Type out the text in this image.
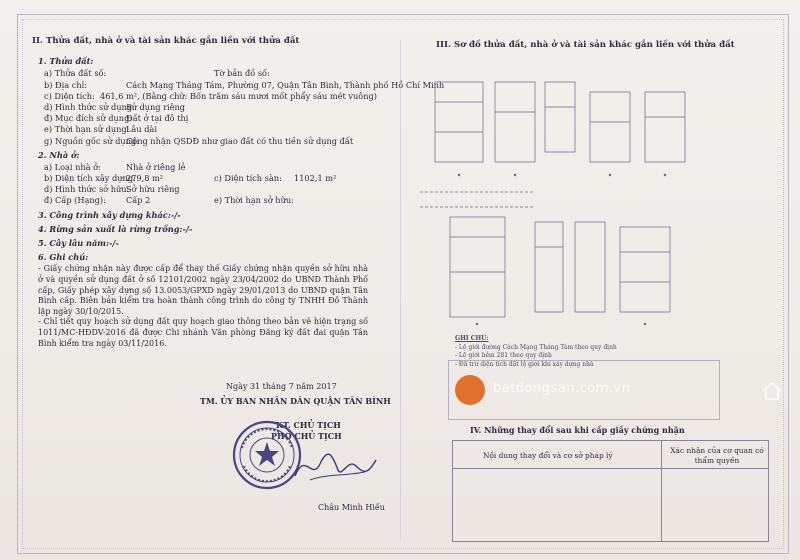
II. Thửa đất, nhà ở và tài sản khác gắn liền với thửa đất
1. Thửa đất:
a) Thửa đất số:	Tờ bản đồ số:
b) Địa chỉ:	Cách Mạng Tháng Tám, Phường 07, Quận Tân Bình, Thành phố Hồ Chí Minh
c) Diện tích: 461,6 m², (Bằng chữ: Bốn trăm sáu mươi mốt phẩy sáu mét vuông)
d) Hình thức sử dụng:Sử dụng riêng
đ) Mục đích sử dụng:Đất ở tại đô thị
e) Thời hạn sử dụng:Lâu dài
g) Nguồn gốc sử dụng:Công nhận QSDĐ như giao đất có thu tiền sử dụng đất
2. Nhà ở:
a) Loại nhà ở:	Nhà ở riêng lẻ
b) Diện tích xây dựng:279,8 m²	c) Diện tích sàn: 1102,1 m²
d) Hình thức sở hữu:Sở hữu riêng
đ) Cấp (Hạng): Cấp 2	e) Thời hạn sở hữu:
3. Công trình xây dựng khác:-/-
4. Rừng sản xuất là rừng trồng:-/-
5. Cây lâu năm:-/-
6. Ghi chú:

- Giấy chứng nhận này được cấp để thay thế Giấy chứng nhận quyền sở hữu nhà ở và quyền sử dụng đất ở số 12101/2002 ngày 23/04/2002 do UBND Thành Phố cấp, Giấy phép xây dựng số 13.0053/GPXD ngày 29/01/2013 do UBND quận Tân Bình cấp. Biên bản kiểm tra hoàn thành công trình do công ty TNHH Đô Thành lập ngày 30/10/2015.

- Chỉ tiết quy hoạch sử dụng đất quy hoạch giao thông theo bản vẽ hiện trạng số 1011/MC-HĐDV-2016 đã được Chi nhánh Văn phòng Đăng ký đất đai quận Tân Bình kiểm tra ngày 03/11/2016.

Ngày 31 tháng 7 năm 2017
TM. ỦY BAN NHÂN DÂN QUẬN TÂN BÌNH
KT. CHỦ TỊCH
PHÓ CHỦ TỊCH
Châu Minh Hiếu
III. Sơ đồ thửa đất, nhà ở và tài sản khác gắn liền với thửa đất
GHI CHÚ:
- Lộ giới đường Cách Mạng Tháng Tám theo quy định
- Lộ giới hẻm 281 theo quy định
- Đã trừ diện tích đất lộ giới khi xây dựng nhà
batdongsan.com.vn
IV. Những thay đổi sau khi cấp giấy chứng nhận
Nội dung thay đổi và cơ sở pháp lý
Xác nhận của cơ quan có thẩm quyền
